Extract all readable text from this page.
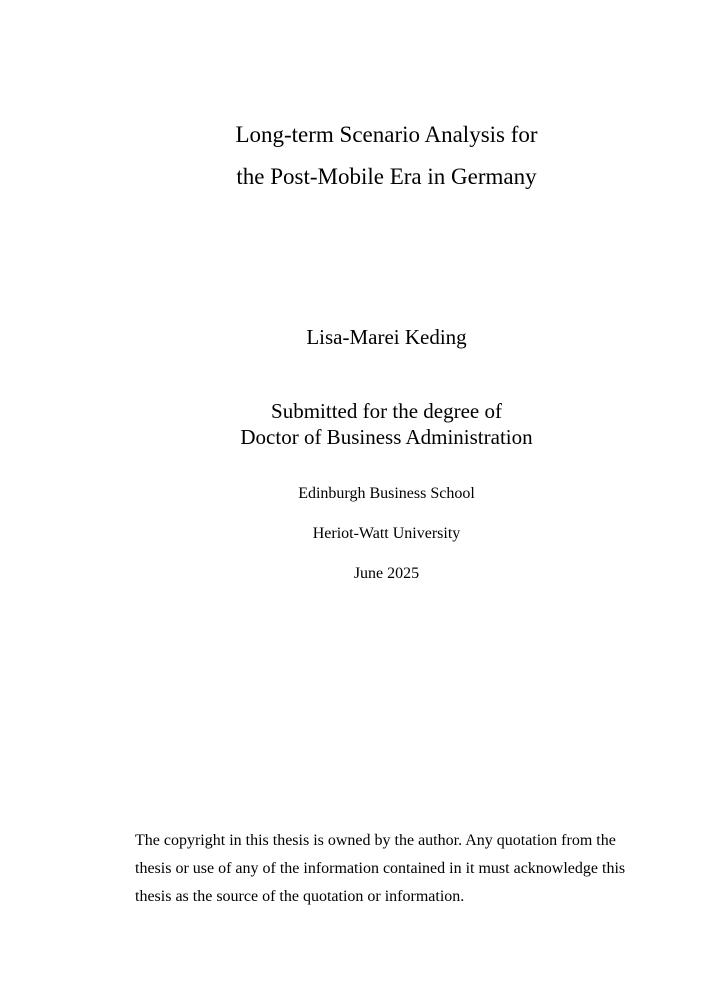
Long-term Scenario Analysis for
the Post-Mobile Era in Germany
Lisa-Marei Keding
Submitted for the degree of
Doctor of Business Administration
Edinburgh Business School
Heriot-Watt University
June 2025
The copyright in this thesis is owned by the author. Any quotation from the
thesis or use of any of the information contained in it must acknowledge this
thesis as the source of the quotation or information.
